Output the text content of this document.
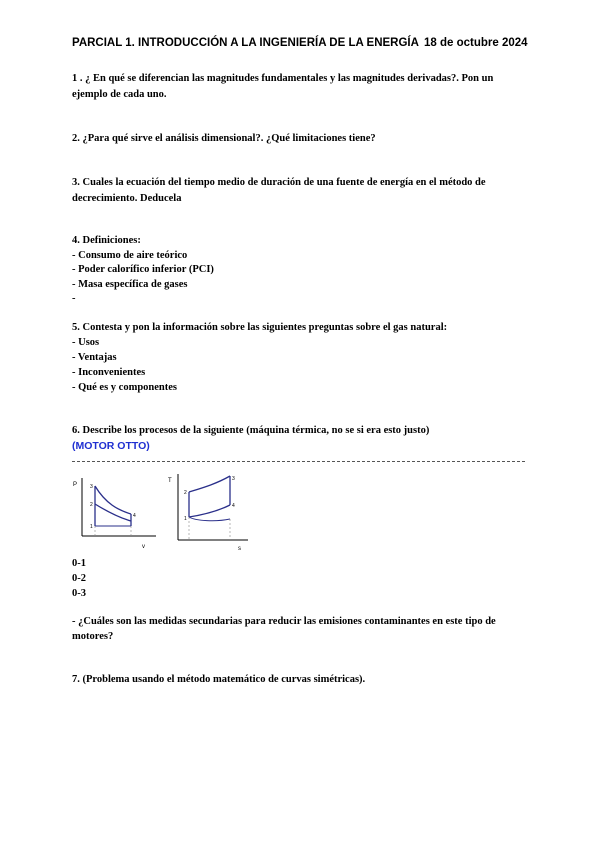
PARCIAL 1. INTRODUCCIÓN A LA INGENIERÍA DE LA ENERGÍA 18 de octubre 2024
1 . ¿ En qué se diferencian las magnitudes fundamentales y las magnitudes derivadas?. Pon un
ejemplo de cada uno.
2. ¿Para qué sirve el análisis dimensional?. ¿Qué limitaciones tiene?
3. Cuales la ecuación del tiempo medio de duración de una fuente de energía en el método de
decrecimiento. Deducela
4. Definiciones:
- Consumo de aire teórico
- Poder calorífico inferior (PCI)
- Masa específica de gases
-
5. Contesta y pon la información sobre las siguientes preguntas sobre el gas natural:
- Usos
- Ventajas
- Inconvenientes
- Qué es y componentes
6. Describe los procesos de la siguiente (máquina térmica, no se si era esto justo)
(MOTOR OTTO)
P
v
3
2
4
1
T
s
3
2
4
1
0-1
0-2
0-3
- ¿Cuáles son las medidas secundarias para reducir las emisiones contaminantes en este tipo de
motores?
7. (Problema usando el método matemático de curvas simétricas).
